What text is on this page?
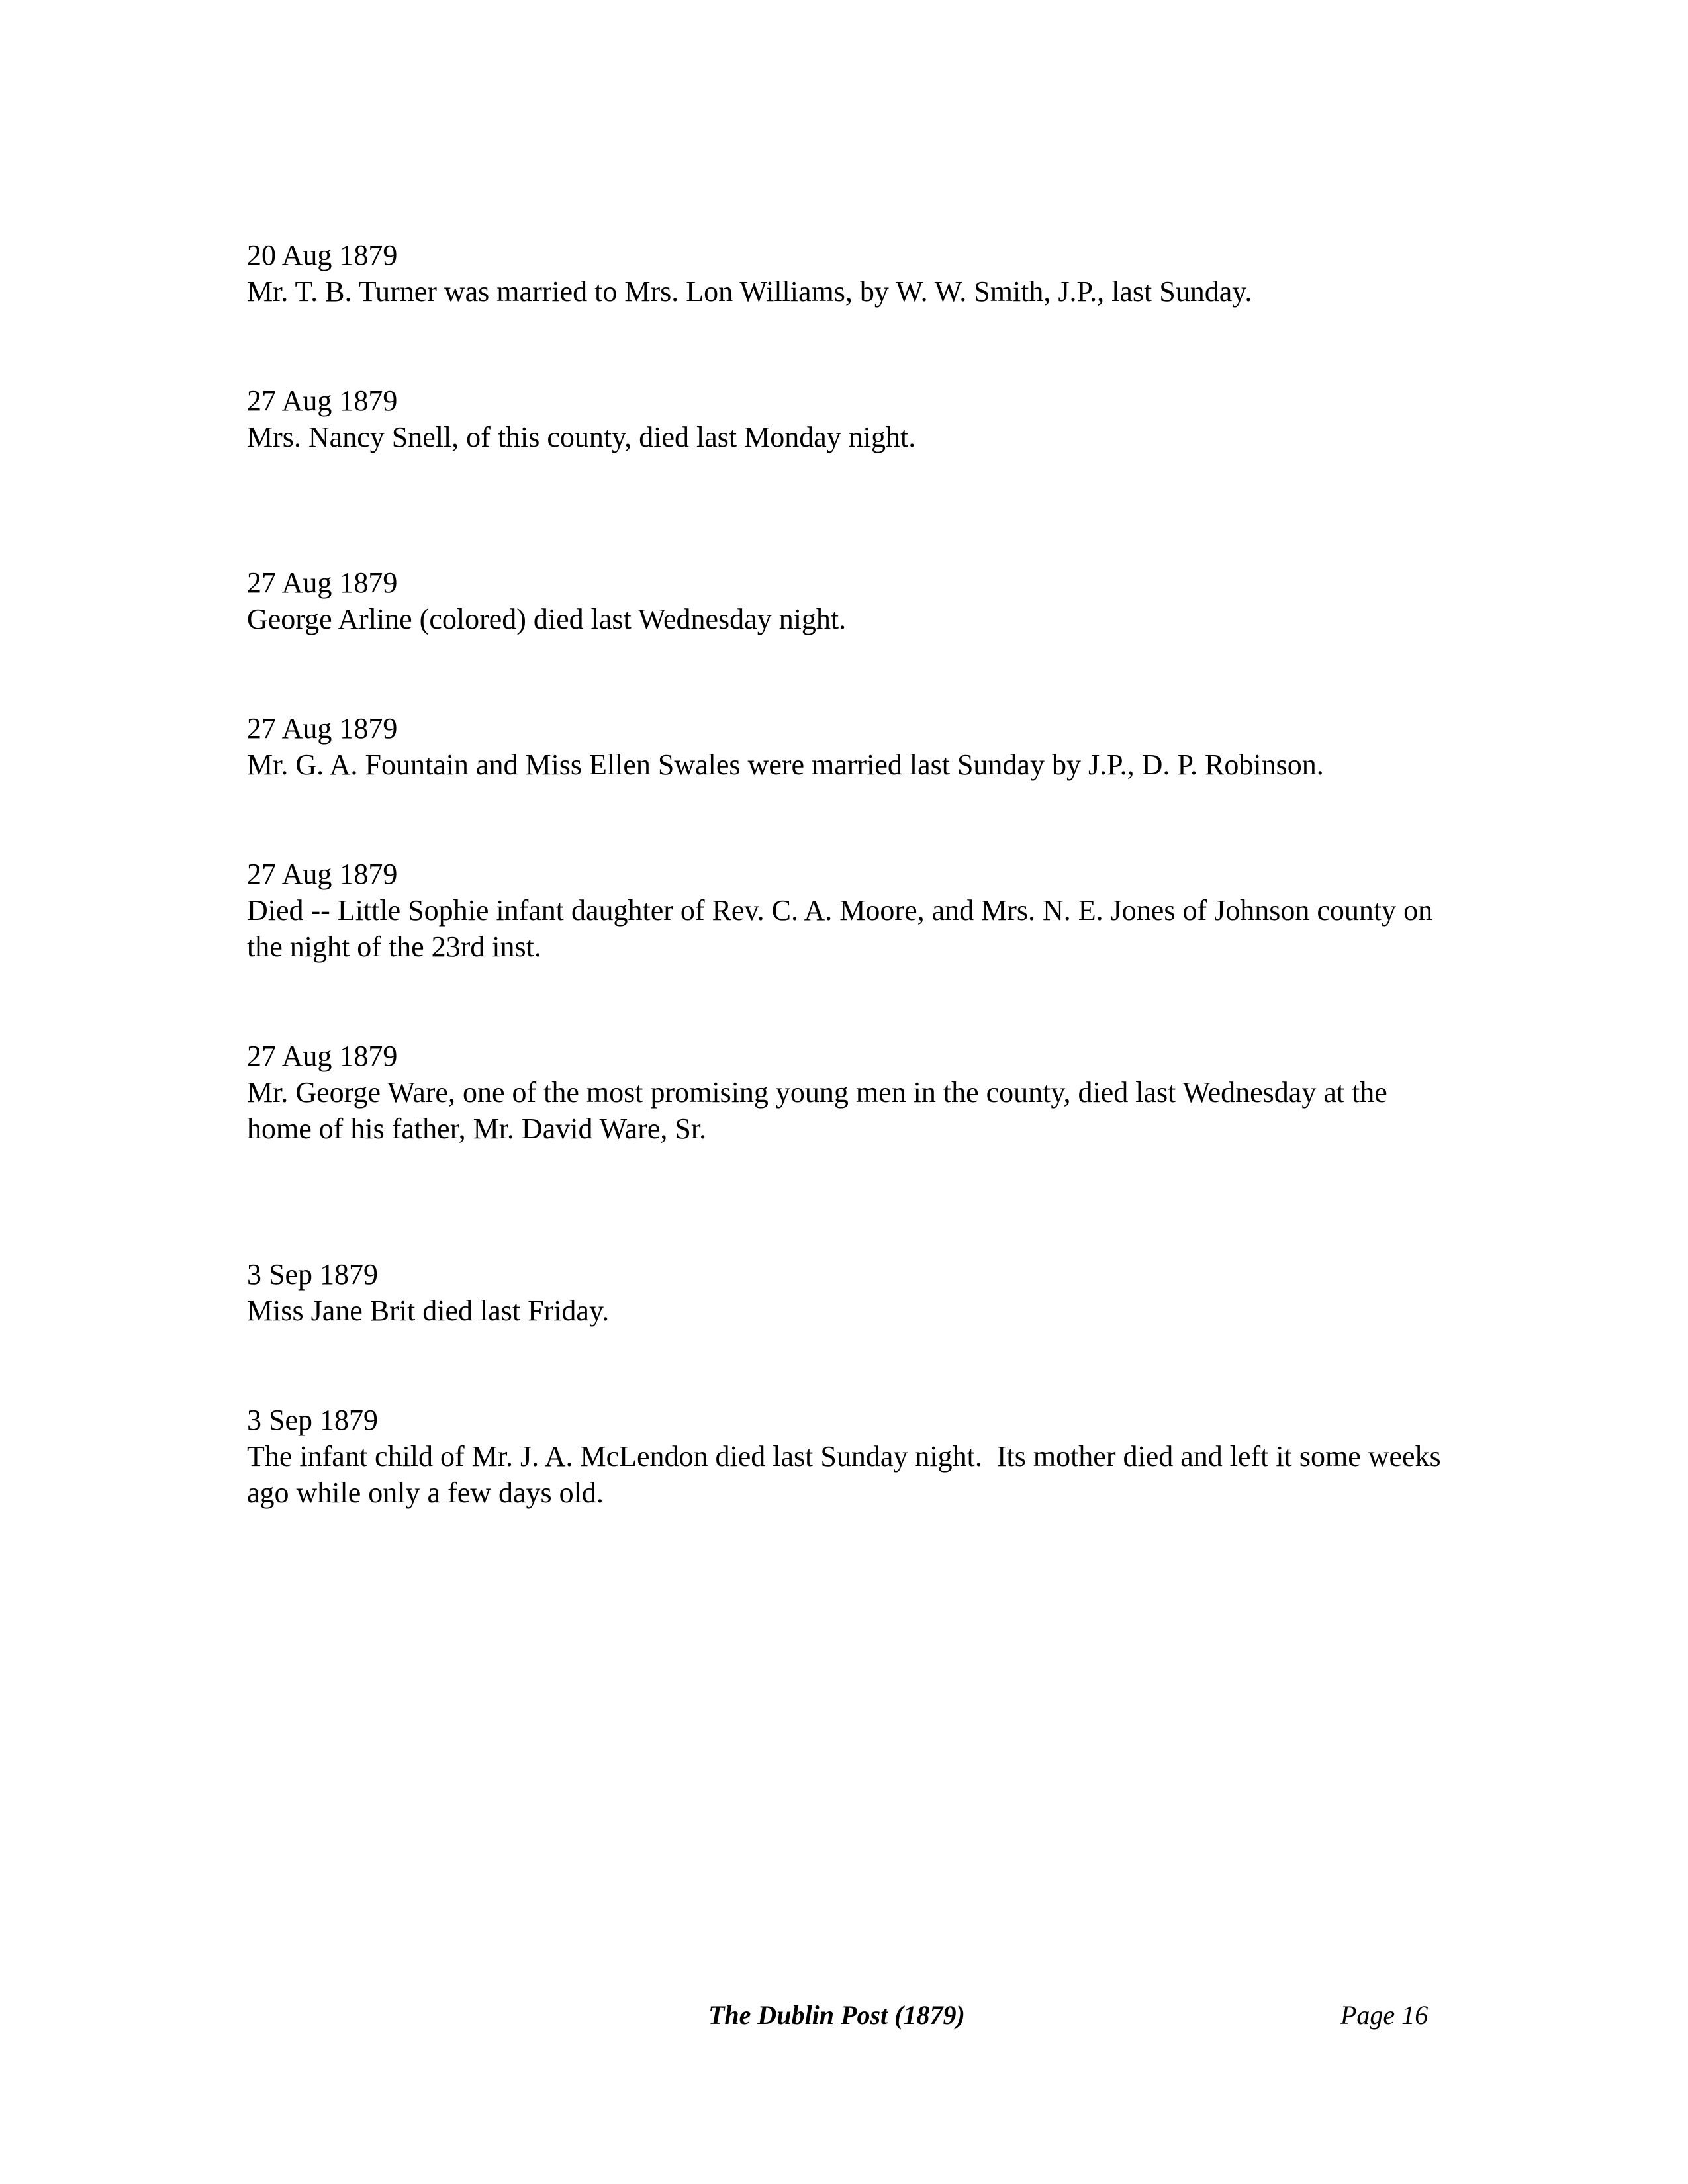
20 Aug 1879
Mr. T. B. Turner was married to Mrs. Lon Williams, by W. W. Smith, J.P., last Sunday.
27 Aug 1879
Mrs. Nancy Snell, of this county, died last Monday night.
27 Aug 1879
George Arline (colored) died last Wednesday night.
27 Aug 1879
Mr. G. A. Fountain and Miss Ellen Swales were married last Sunday by J.P., D. P. Robinson.
27 Aug 1879
Died -- Little Sophie infant daughter of Rev. C. A. Moore, and Mrs. N. E. Jones of Johnson county on the night of the 23rd inst.
27 Aug 1879
Mr. George Ware, one of the most promising young men in the county, died last Wednesday at the home of his father, Mr. David Ware, Sr.
3 Sep 1879
Miss Jane Brit died last Friday.
3 Sep 1879
The infant child of Mr. J. A. McLendon died last Sunday night.  Its mother died and left it some weeks ago while only a few days old.
The Dublin Post (1879)	Page 16
